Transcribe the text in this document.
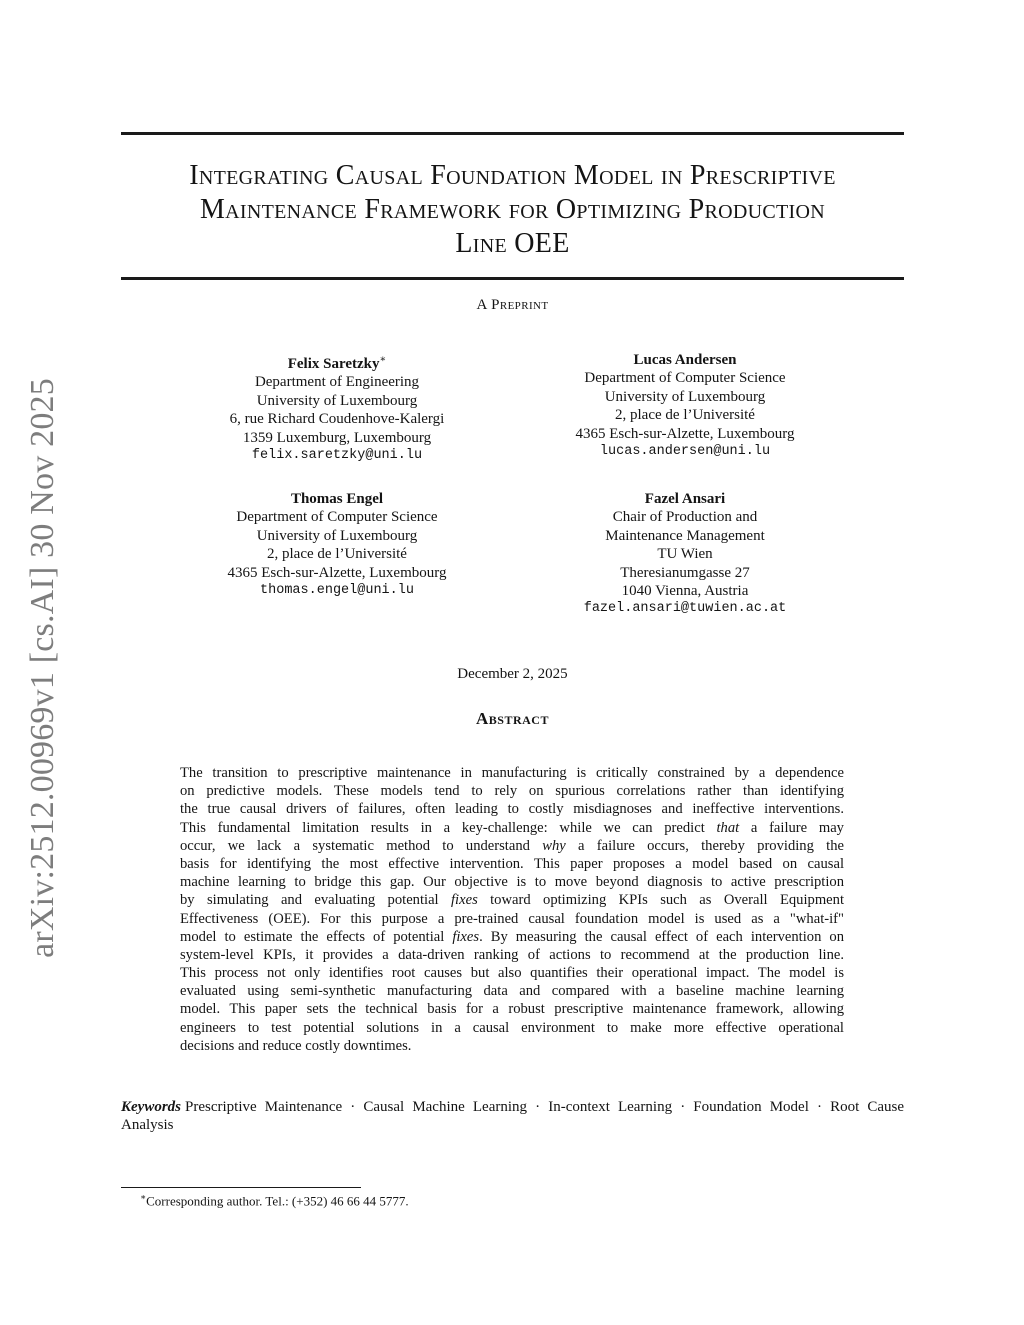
arXiv:2512.00969v1 [cs.AI] 30 Nov 2025
Integrating Causal Foundation Model in Prescriptive
Maintenance Framework for Optimizing Production
Line OEE
A Preprint
Felix Saretzky∗
Department of Engineering
University of Luxembourg
6, rue Richard Coudenhove-Kalergi
1359 Luxemburg, Luxembourg
felix.saretzky@uni.lu
Lucas Andersen
Department of Computer Science
University of Luxembourg
2, place de l’Université
4365 Esch-sur-Alzette, Luxembourg
lucas.andersen@uni.lu
Thomas Engel
Department of Computer Science
University of Luxembourg
2, place de l’Université
4365 Esch-sur-Alzette, Luxembourg
thomas.engel@uni.lu
Fazel Ansari
Chair of Production and
Maintenance Management
TU Wien
Theresianumgasse 27
1040 Vienna, Austria
fazel.ansari@tuwien.ac.at
December 2, 2025
Abstract
The transition to prescriptive maintenance in manufacturing is critically constrained by a dependence
on predictive models. These models tend to rely on spurious correlations rather than identifying
the true causal drivers of failures, often leading to costly misdiagnoses and ineffective interventions.
This fundamental limitation results in a key-challenge: while we can predict that a failure may
occur, we lack a systematic method to understand why a failure occurs, thereby providing the
basis for identifying the most effective intervention. This paper proposes a model based on causal
machine learning to bridge this gap. Our objective is to move beyond diagnosis to active prescription
by simulating and evaluating potential fixes toward optimizing KPIs such as Overall Equipment
Effectiveness (OEE). For this purpose a pre-trained causal foundation model is used as a "what-if"
model to estimate the effects of potential fixes. By measuring the causal effect of each intervention on
system-level KPIs, it provides a data-driven ranking of actions to recommend at the production line.
This process not only identifies root causes but also quantifies their operational impact. The model is
evaluated using semi-synthetic manufacturing data and compared with a baseline machine learning
model. This paper sets the technical basis for a robust prescriptive maintenance framework, allowing
engineers to test potential solutions in a causal environment to make more effective operational
decisions and reduce costly downtimes.
Keywords Prescriptive Maintenance · Causal Machine Learning · In-context Learning · Foundation Model · Root Cause
Analysis
∗Corresponding author. Tel.: (+352) 46 66 44 5777.
